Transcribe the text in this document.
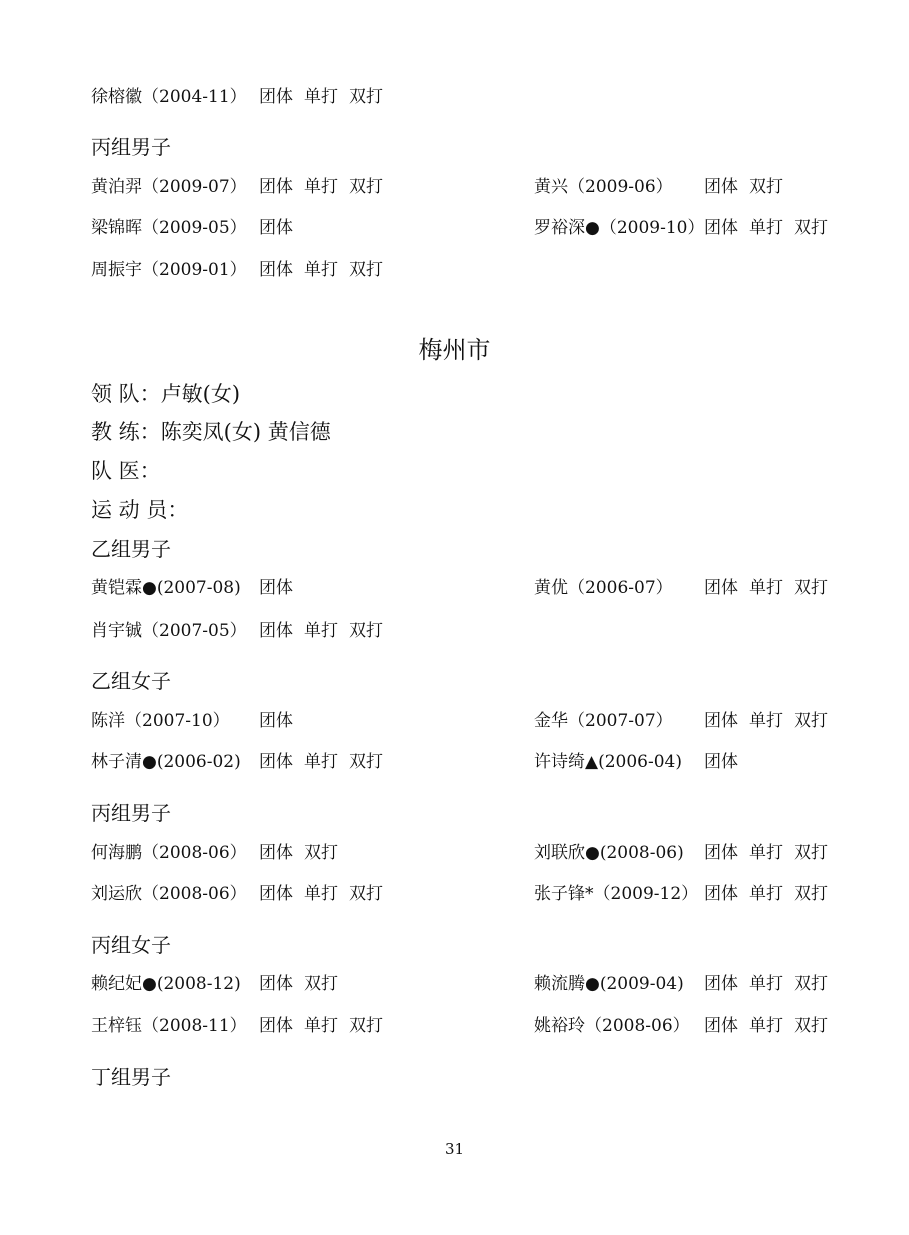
徐榕徽（2004-11） 团体 单打 双打
丙组男子
黄泊羿（2009-07） 团体 单打 双打	黄兴（2009-06） 团体 双打
梁锦晖（2009-05） 团体	罗裕深●（2009-10） 团体 单打 双打
周振宇（2009-01） 团体 单打 双打
梅州市
领 队：卢敏(女)
教 练：陈奕凤(女) 黄信德
队 医：
运 动 员：
乙组男子
黄铠霖●(2007-08) 团体	黄优（2006-07） 团体 单打 双打
肖宇铖（2007-05） 团体 单打 双打
乙组女子
陈洋（2007-10） 团体	金华（2007-07） 团体 单打 双打
林子清●(2006-02) 团体 单打 双打	许诗绮▲(2006-04) 团体
丙组男子
何海鹏（2008-06） 团体 双打	刘联欣●(2008-06) 团体 单打 双打
刘运欣（2008-06） 团体 单打 双打	张子锋*（2009-12） 团体 单打 双打
丙组女子
赖纪妃●(2008-12) 团体 双打	赖流腾●(2009-04) 团体 单打 双打
王梓钰（2008-11） 团体 单打 双打	姚裕玲（2008-06） 团体 单打 双打
丁组男子
31
